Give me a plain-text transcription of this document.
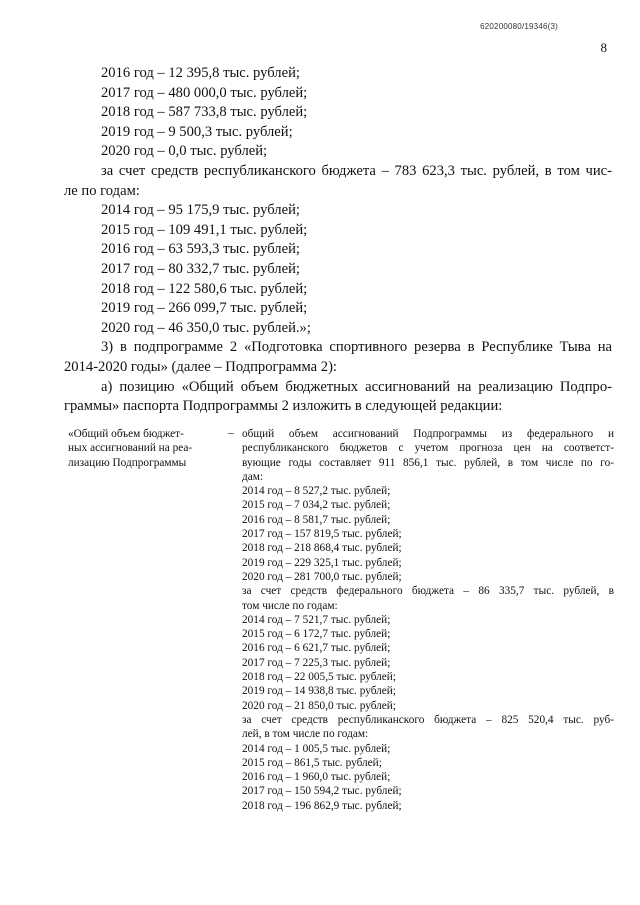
620200080/19346(3)
8
2016 год – 12 395,8 тыс. рублей;
2017 год – 480 000,0 тыс. рублей;
2018 год – 587 733,8 тыс. рублей;
2019 год – 9 500,3 тыс. рублей;
2020 год – 0,0 тыс. рублей;
за счет средств республиканского бюджета – 783 623,3 тыс. рублей, в том чис-
ле по годам:
2014 год – 95 175,9 тыс. рублей;
2015 год – 109 491,1 тыс. рублей;
2016 год – 63 593,3 тыс. рублей;
2017 год – 80 332,7 тыс. рублей;
2018 год – 122 580,6 тыс. рублей;
2019 год – 266 099,7 тыс. рублей;
2020 год – 46 350,0 тыс. рублей.»;
3) в подпрограмме 2 «Подготовка спортивного резерва в Республике Тыва на
2014-2020 годы» (далее – Подпрограмма 2):
а) позицию «Общий объем бюджетных ассигнований на реализацию Подпро-
граммы» паспорта Подпрограммы 2 изложить в следующей редакции:
«Общий объем бюджет-
ных ассигнований на реа-
лизацию Подпрограммы
– общий объем ассигнований Подпрограммы из федерального и
республиканского бюджетов с учетом прогноза цен на соответст-
вующие годы составляет 911 856,1 тыс. рублей, в том числе по го-
дам:
2014 год – 8 527,2 тыс. рублей;
2015 год – 7 034,2 тыс. рублей;
2016 год – 8 581,7 тыс. рублей;
2017 год – 157 819,5 тыс. рублей;
2018 год – 218 868,4 тыс. рублей;
2019 год – 229 325,1 тыс. рублей;
2020 год – 281 700,0 тыс. рублей;
за счет средств федерального бюджета – 86 335,7 тыс. рублей, в
том числе по годам:
2014 год – 7 521,7 тыс. рублей;
2015 год – 6 172,7 тыс. рублей;
2016 год – 6 621,7 тыс. рублей;
2017 год – 7 225,3 тыс. рублей;
2018 год – 22 005,5 тыс. рублей;
2019 год – 14 938,8 тыс. рублей;
2020 год – 21 850,0 тыс. рублей;
за счет средств республиканского бюджета – 825 520,4 тыс. руб-
лей, в том числе по годам:
2014 год – 1 005,5 тыс. рублей;
2015 год – 861,5 тыс. рублей;
2016 год – 1 960,0 тыс. рублей;
2017 год – 150 594,2 тыс. рублей;
2018 год – 196 862,9 тыс. рублей;
